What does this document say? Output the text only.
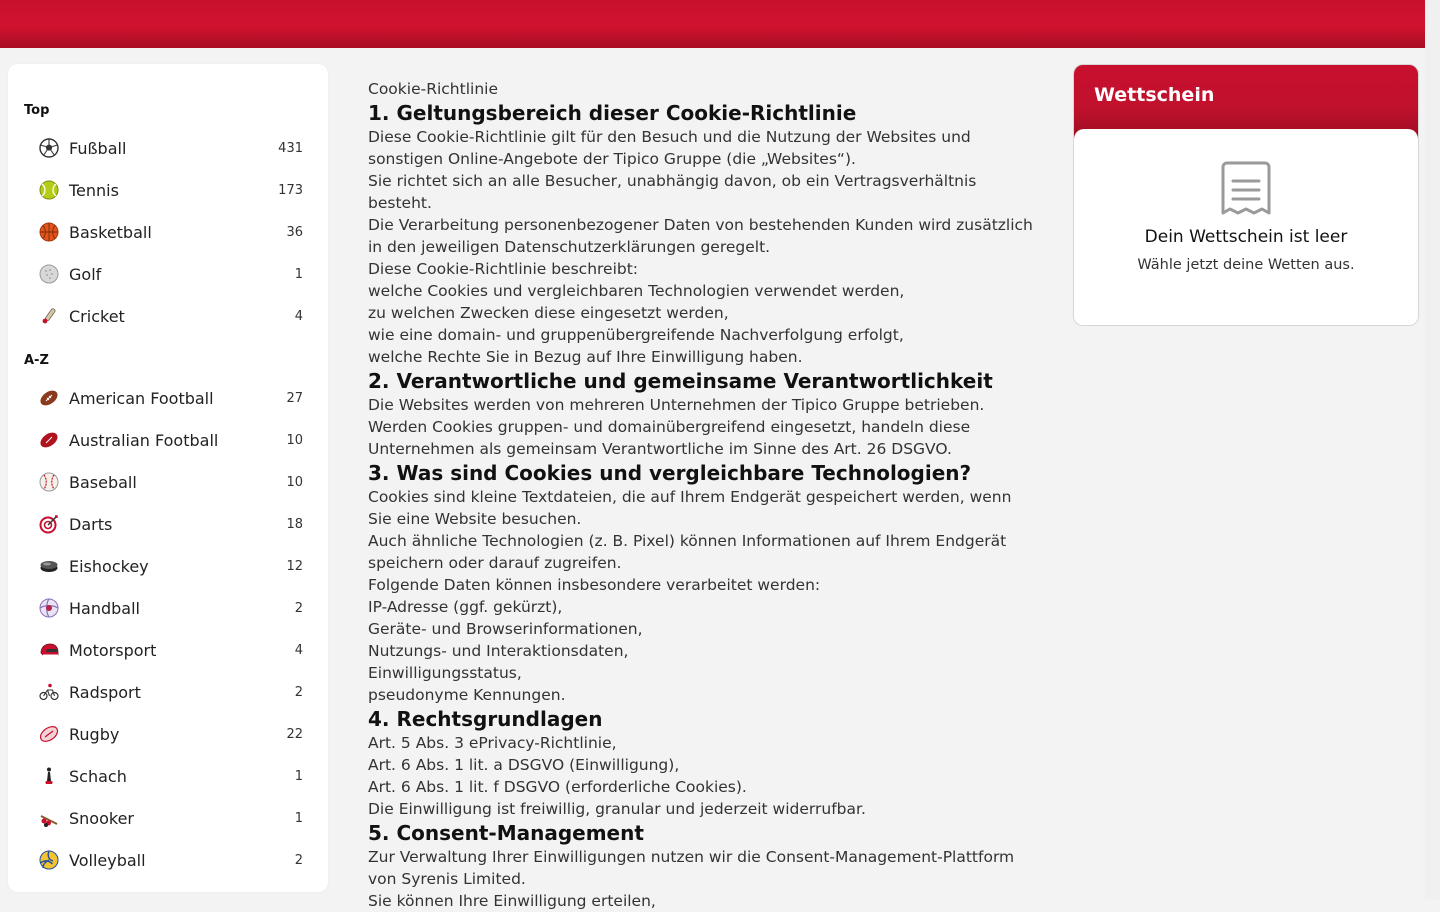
Top
Fußball	431
Tennis	173
Basketball	36
Golf	1
Cricket	4
A-Z
American Football	27
Australian Football	10
Baseball	10
Darts	18
Eishockey	12
Handball	2
Motorsport	4
Radsport	2
Rugby	22
Schach	1
Snooker	1
Volleyball	2

Cookie-Richtlinie

1. Geltungsbereich dieser Cookie-Richtlinie

Diese Cookie-Richtlinie gilt für den Besuch und die Nutzung der Websites und sonstigen Online-Angebote der Tipico Gruppe (die „Websites“).

Sie richtet sich an alle Besucher, unabhängig davon, ob ein Vertragsverhältnis besteht.

Die Verarbeitung personenbezogener Daten von bestehenden Kunden wird zusätzlich in den jeweiligen Datenschutzerklärungen geregelt.

Diese Cookie-Richtlinie beschreibt:

welche Cookies und vergleichbaren Technologien verwendet werden,

zu welchen Zwecken diese eingesetzt werden,

wie eine domain- und gruppenübergreifende Nachverfolgung erfolgt,

welche Rechte Sie in Bezug auf Ihre Einwilligung haben.

2. Verantwortliche und gemeinsame Verantwortlichkeit

Die Websites werden von mehreren Unternehmen der Tipico Gruppe betrieben.

Werden Cookies gruppen- und domainübergreifend eingesetzt, handeln diese Unternehmen als gemeinsam Verantwortliche im Sinne des Art. 26 DSGVO.

3. Was sind Cookies und vergleichbare Technologien?

Cookies sind kleine Textdateien, die auf Ihrem Endgerät gespeichert werden, wenn Sie eine Website besuchen.

Auch ähnliche Technologien (z. B. Pixel) können Informationen auf Ihrem Endgerät speichern oder darauf zugreifen.

Folgende Daten können insbesondere verarbeitet werden:

IP-Adresse (ggf. gekürzt),

Geräte- und Browserinformationen,

Nutzungs- und Interaktionsdaten,

Einwilligungsstatus,

pseudonyme Kennungen.

4. Rechtsgrundlagen

Art. 5 Abs. 3 ePrivacy-Richtlinie,

Art. 6 Abs. 1 lit. a DSGVO (Einwilligung),

Art. 6 Abs. 1 lit. f DSGVO (erforderliche Cookies).

Die Einwilligung ist freiwillig, granular und jederzeit widerrufbar.

5. Consent-Management

Zur Verwaltung Ihrer Einwilligungen nutzen wir die Consent-Management-Plattform von Syrenis Limited.

Sie können Ihre Einwilligung erteilen,

Wettschein
Dein Wettschein ist leer
Wähle jetzt deine Wetten aus.
